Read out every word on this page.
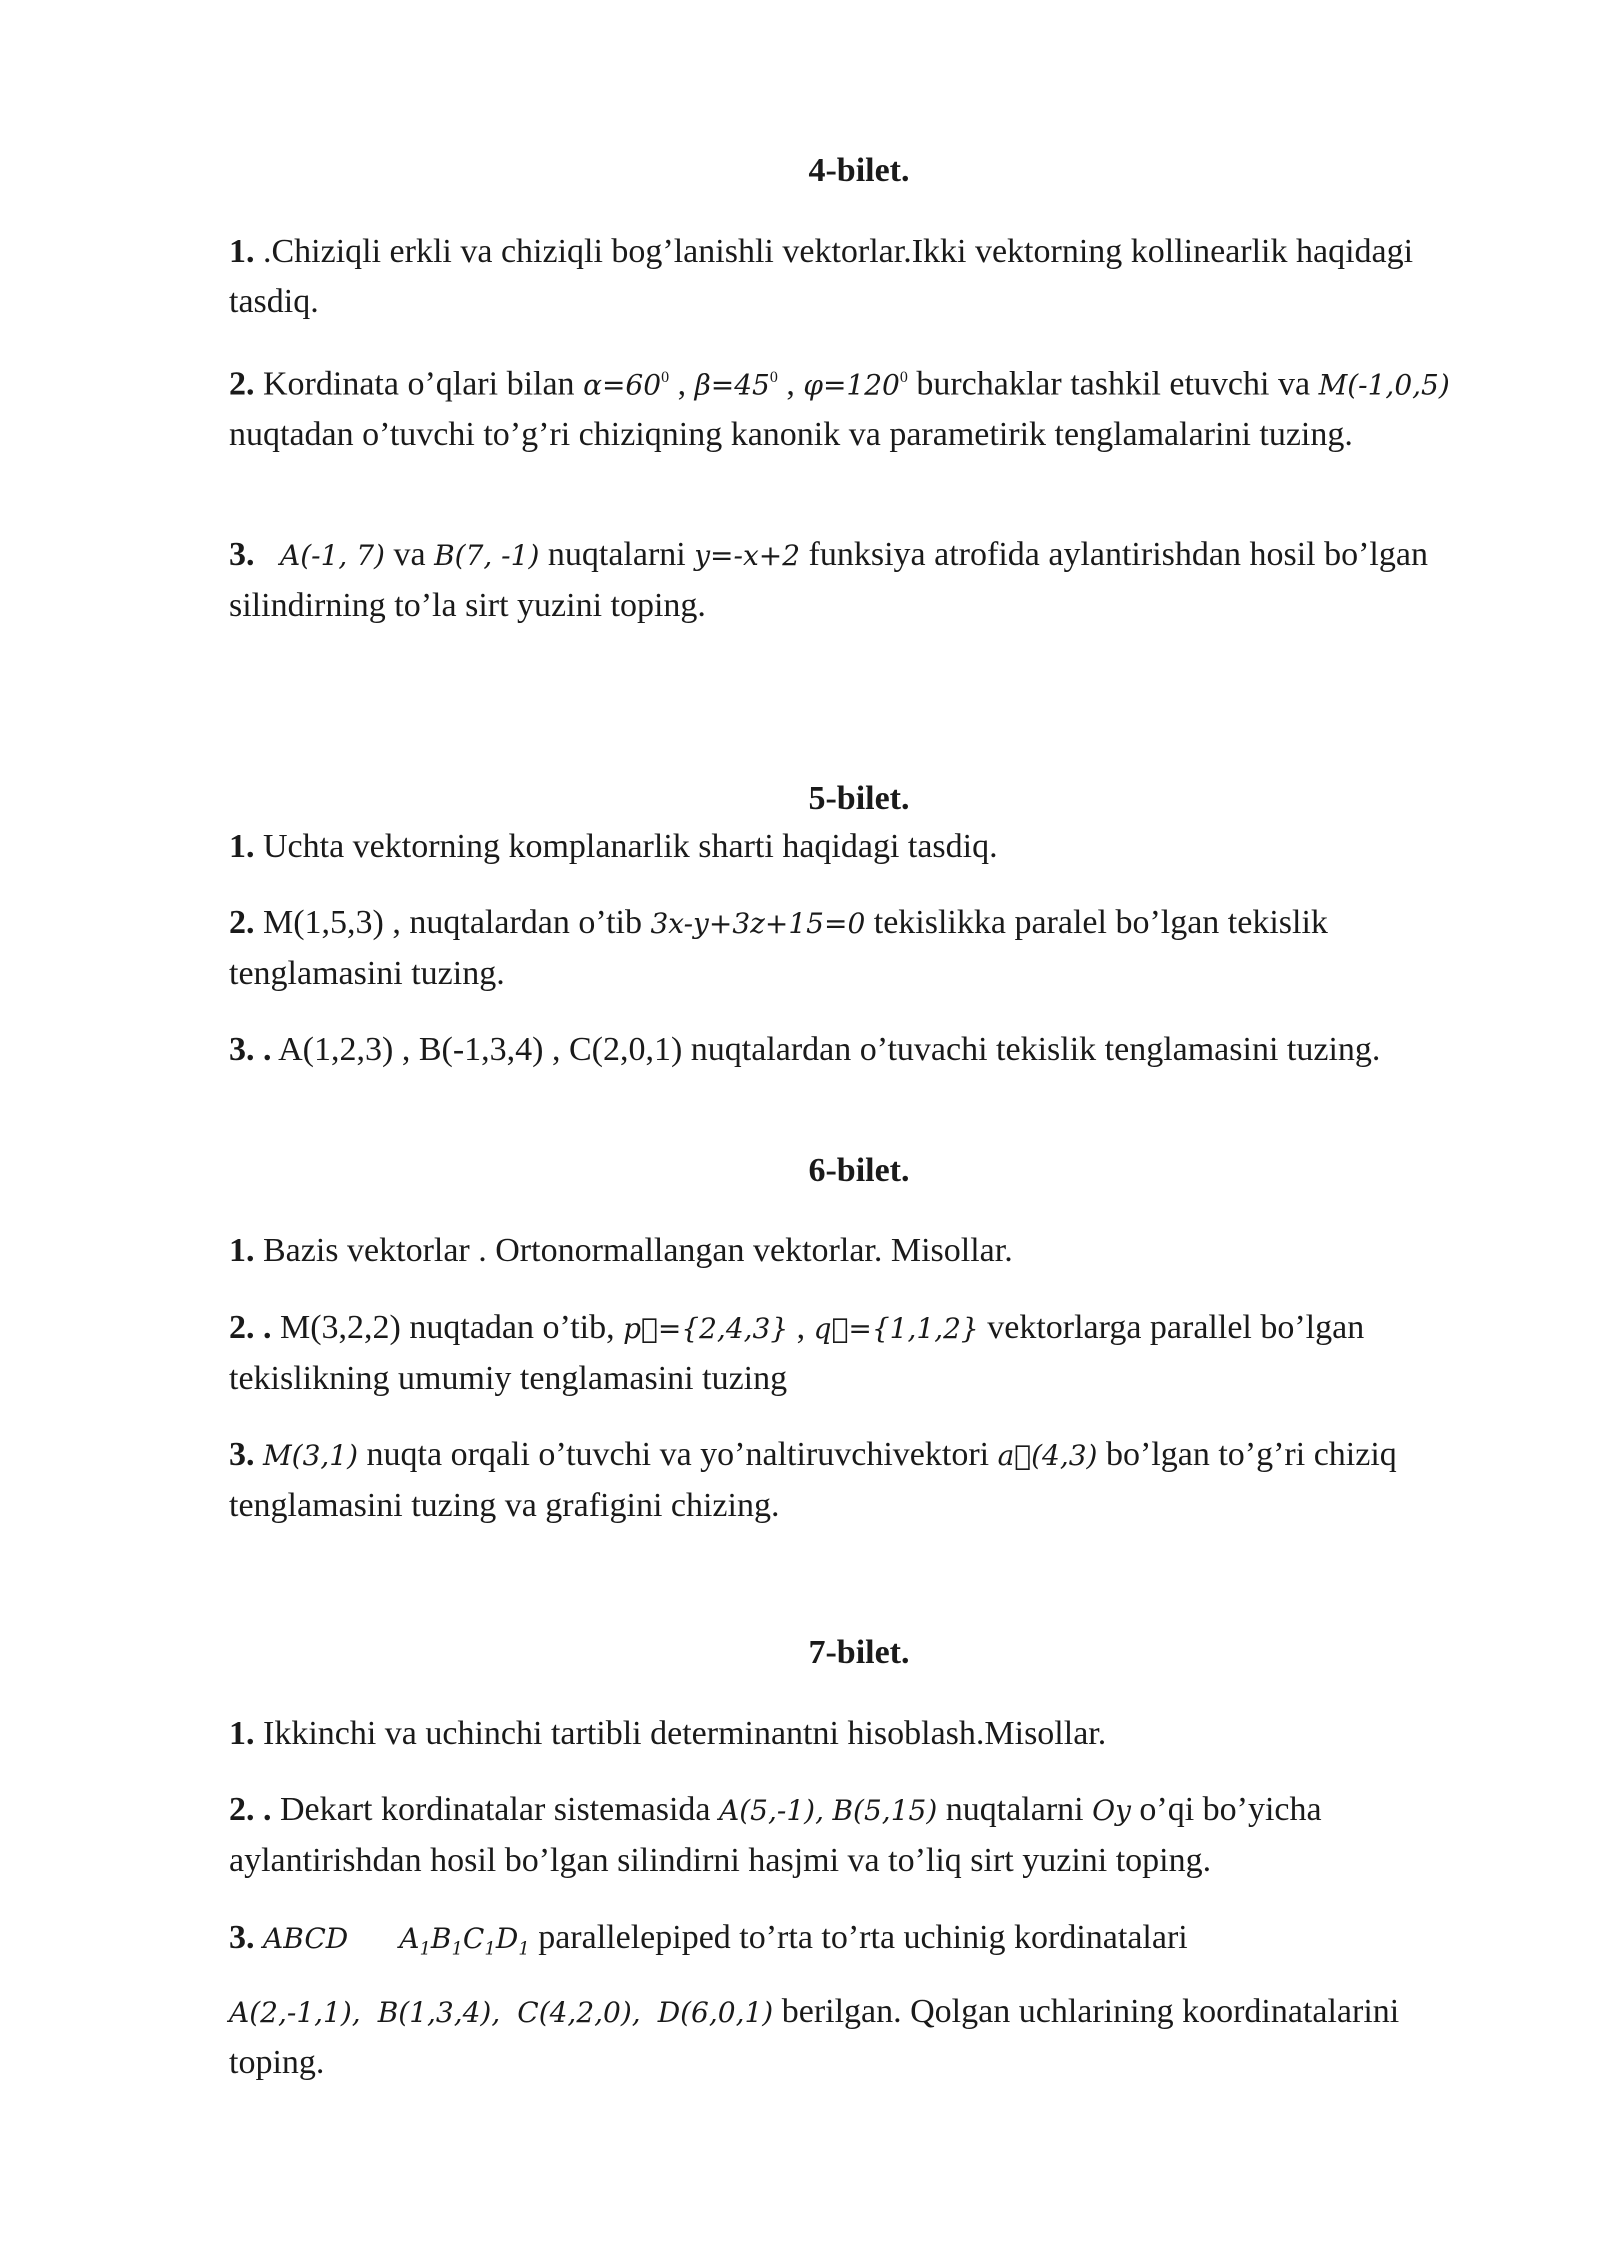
4-bilet.

1. .Chiziqli erkli va chiziqli bog’lanishli vektorlar.Ikki vektorning kollinearlik haqidagi tasdiq.

2. Kordinata o’qlari bilan $\alpha=60^0$ , $\beta=45^0$ , $\varphi=120^0$ burchaklar tashkil etuvchi va M(-1,0,5) nuqtadan o’tuvchi to’g’ri chiziqning kanonik va parametirik tenglamalarini tuzing.

3. A(-1, 7) va B(7, -1) nuqtalarni y=-x+2 funksiya atrofida aylantirishdan hosil bo’lgan silindirning to’la sirt yuzini toping.

5-bilet.

1. Uchta vektorning komplanarlik sharti haqidagi tasdiq.

2. M(1,5,3) , nuqtalardan o’tib 3x-y+3z+15=0 tekislikka paralel bo’lgan tekislik tenglamasini tuzing.

3. . A(1,2,3) , B(-1,3,4) , C(2,0,1) nuqtalardan o’tuvachi tekislik tenglamasini tuzing.

6-bilet.

1. Bazis vektorlar . Ortonormallangan vektorlar. Misollar.

2. . M(3,2,2) nuqtadan o’tib, p⃗={2,4,3} , q⃗={1,1,2} vektorlarga parallel bo’lgan tekislikning umumiy tenglamasini tuzing

3. M(3,1) nuqta orqali o’tuvchi va yo’naltiruvchivektori a⃗(4,3) bo’lgan to’g’ri chiziq tenglamasini tuzing va grafigini chizing.

7-bilet.

1. Ikkinchi va uchinchi tartibli determinantni hisoblash.Misollar.

2. . Dekart kordinatalar sistemasida A(5,-1), B(5,15) nuqtalarni Oy o’qi bo’yicha aylantirishdan hosil bo’lgan silindirni hasjmi va to’liq sirt yuzini toping.

3. ABCD $A_1B_1C_1D_1$ parallelepiped to’rta to’rta uchinig kordinatalari

A(2,-1,1), B(1,3,4), C(4,2,0), D(6,0,1) berilgan. Qolgan uchlarining koordinatalarini toping.
